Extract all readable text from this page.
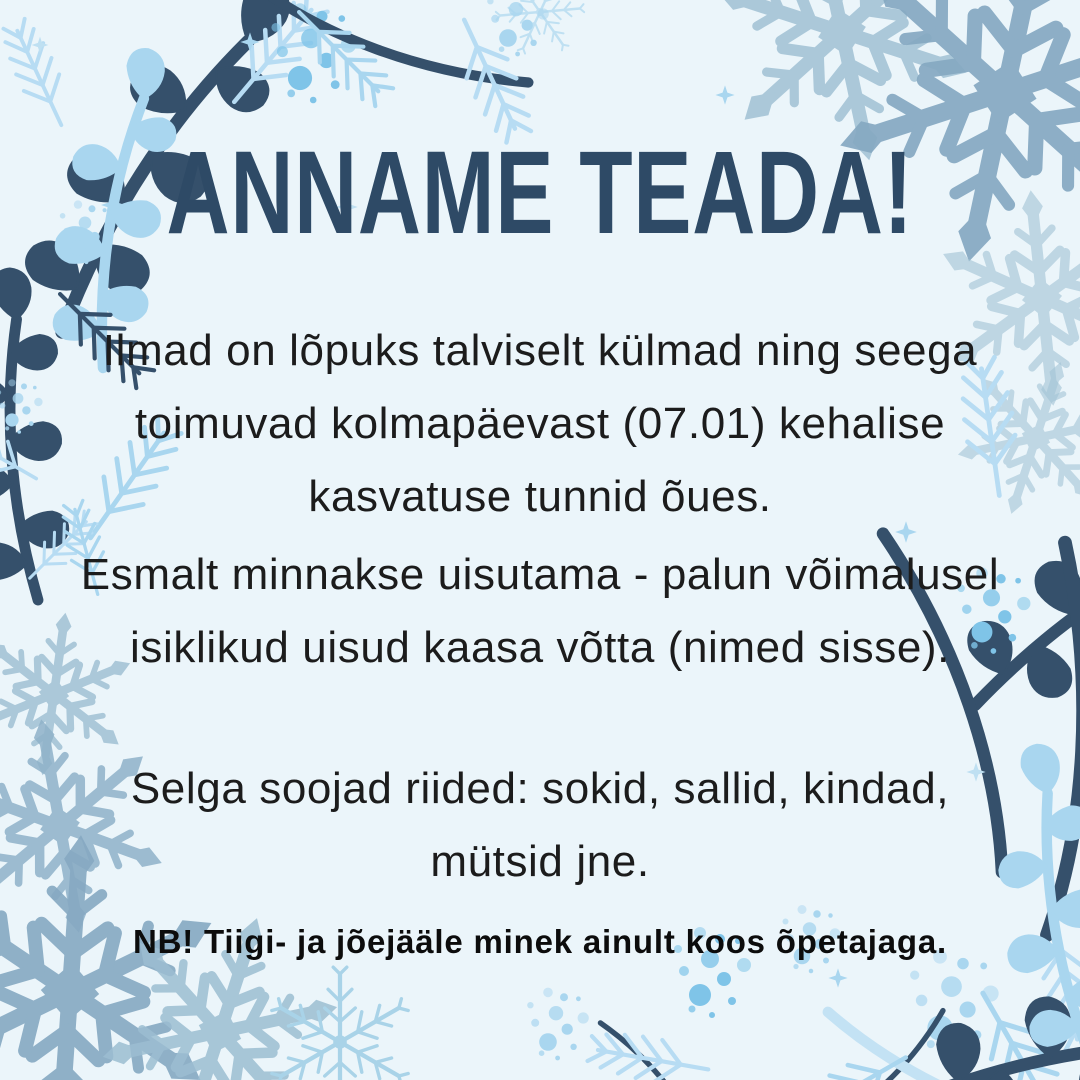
ANNAME TEADA!

Ilmad on lõpuks talviselt külmad ning seega toimuvad kolmapäevast (07.01) kehalise kasvatuse tunnid õues.

Esmalt minnakse uisutama - palun võimalusel isiklikud uisud kaasa võtta (nimed sisse).

Selga soojad riided: sokid, sallid, kindad, mütsid jne.

NB! Tiigi- ja jõejääle minek ainult koos õpetajaga.
